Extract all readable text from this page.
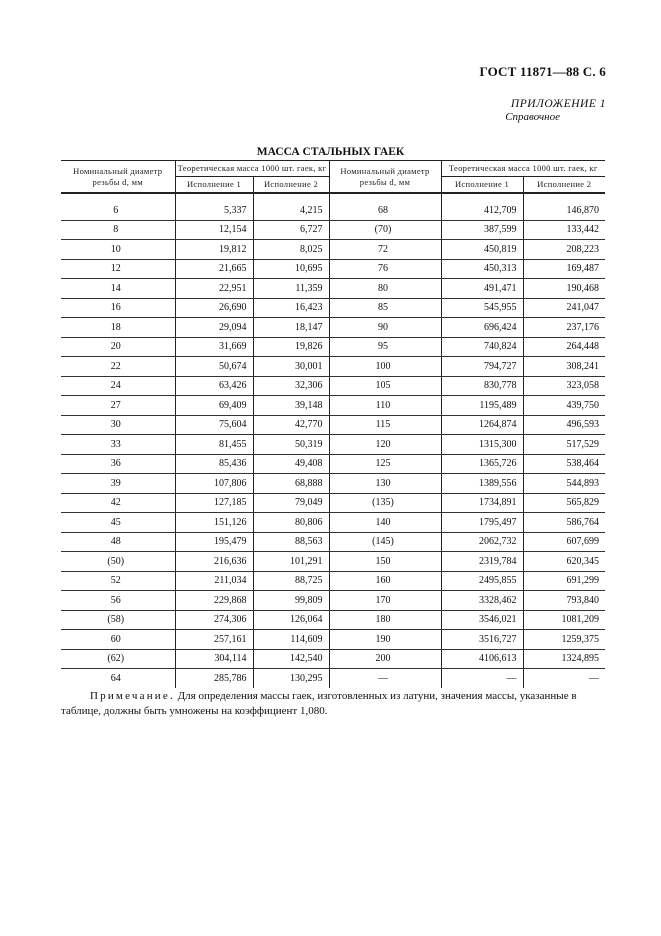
ГОСТ 11871—88 С. 6
ПРИЛОЖЕНИЕ 1
Справочное
МАССА СТАЛЬНЫХ ГАЕК
Номинальный диаметр резьбы d, мм	Теоретическая масса 1000 шт. гаек, кг		Номинальный диаметр резьбы d, мм	Теоретическая масса 1000 шт. гаек, кг	
	Исполнение 1	Исполнение 2		Исполнение 1	Исполнение 2

6	5,337	4,215	68	412,709	146,870
8	12,154	6,727	(70)	387,599	133,442
10	19,812	8,025	72	450,819	208,223
12	21,665	10,695	76	450,313	169,487
14	22,951	11,359	80	491,471	190,468
16	26,690	16,423	85	545,955	241,047
18	29,094	18,147	90	696,424	237,176
20	31,669	19,826	95	740,824	264,448
22	50,674	30,001	100	794,727	308,241
24	63,426	32,306	105	830,778	323,058
27	69,409	39,148	110	1195,489	439,750
30	75,604	42,770	115	1264,874	496,593
33	81,455	50,319	120	1315,300	517,529
36	85,436	49,408	125	1365,726	538,464
39	107,806	68,888	130	1389,556	544,893
42	127,185	79,049	(135)	1734,891	565,829
45	151,126	80,806	140	1795,497	586,764
48	195,479	88,563	(145)	2062,732	607,699
(50)	216,636	101,291	150	2319,784	620,345
52	211,034	88,725	160	2495,855	691,299
56	229,868	99,809	170	3328,462	793,840
(58)	274,306	126,064	180	3546,021	1081,209
60	257,161	114,609	190	3516,727	1259,375
(62)	304,114	142,540	200	4106,613	1324,895
64	285,786	130,295	—	—	—
Примечание. Для определения массы гаек, изготовленных из латуни, значения массы, указанные в таблице, должны быть умножены на коэффициент 1,080.
